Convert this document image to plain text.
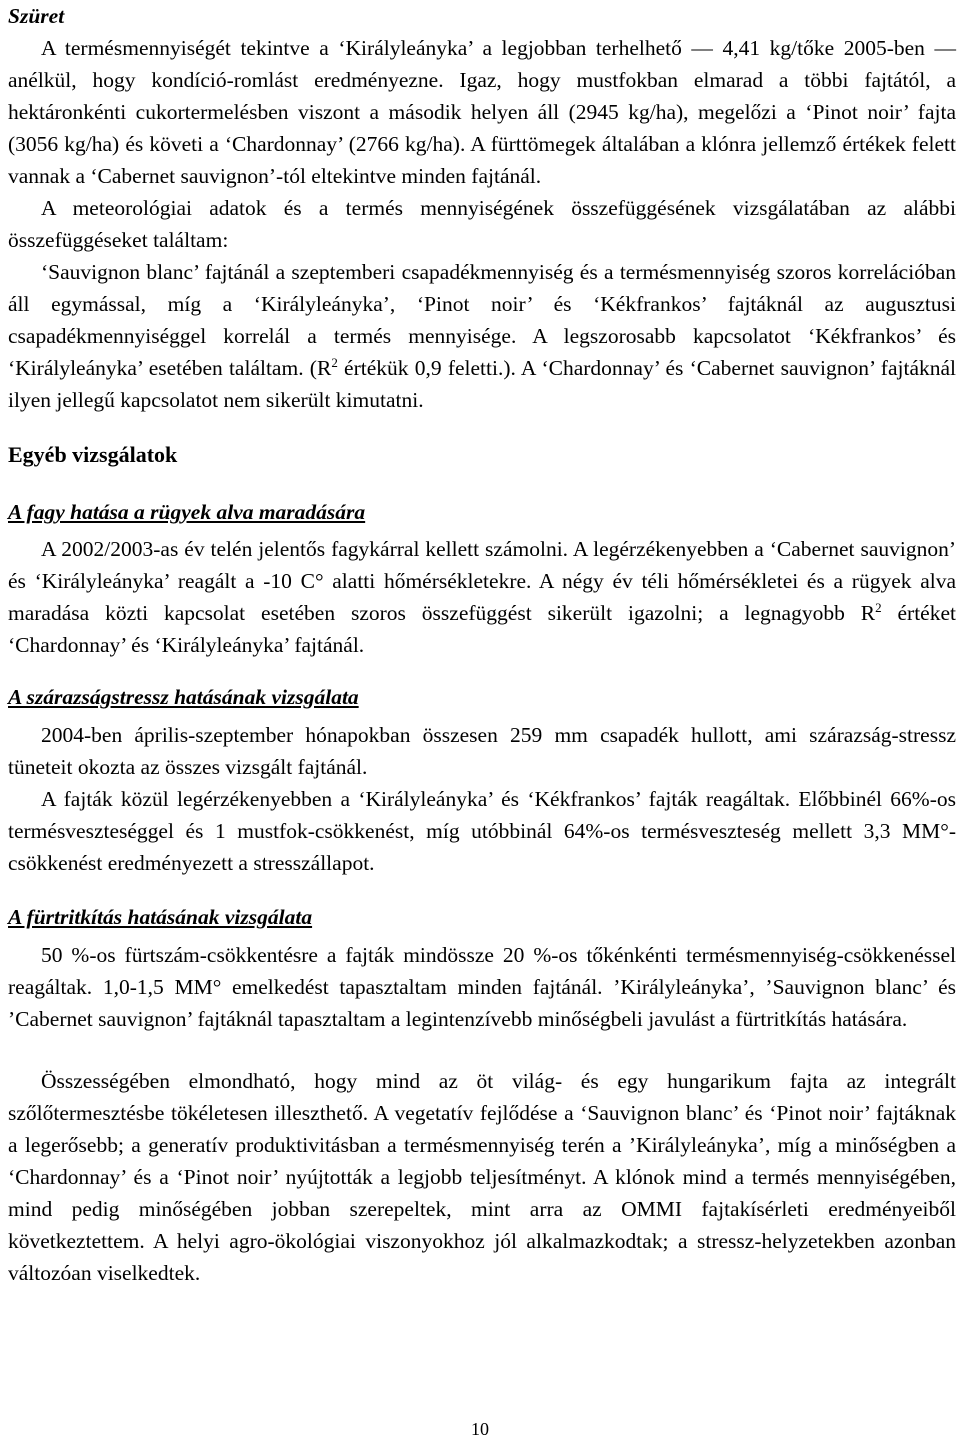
Szüret

A termésmennyiségét tekintve a ‘Királyleányka’ a legjobban terhelhető — 4,41 kg/tőke 2005-ben — anélkül, hogy kondíció-romlást eredményezne. Igaz, hogy mustfokban elmarad a többi fajtától, a hektáronkénti cukortermelésben viszont a második helyen áll (2945 kg/ha), megelőzi a ‘Pinot noir’ fajta (3056 kg/ha) és követi a ‘Chardonnay’ (2766 kg/ha). A fürttömegek általában a klónra jellemző értékek felett vannak a ‘Cabernet sauvignon’-tól eltekintve minden fajtánál.

A meteorológiai adatok és a termés mennyiségének összefüggésének vizsgálatában az alábbi összefüggéseket találtam:

‘Sauvignon blanc’ fajtánál a szeptemberi csapadékmennyiség és a termésmennyiség szoros korrelációban áll egymással, míg a ‘Királyleányka’, ‘Pinot noir’ és ‘Kékfrankos’ fajtáknál az augusztusi csapadékmennyiséggel korrelál a termés mennyisége. A legszorosabb kapcsolatot ‘Kékfrankos’ és ‘Királyleányka’ esetében találtam. ($R^2$ értékük 0,9 feletti.). A ‘Chardonnay’ és ‘Cabernet sauvignon’ fajtáknál ilyen jellegű kapcsolatot nem sikerült kimutatni.

Egyéb vizsgálatok
A fagy hatása a rügyek alva maradására

A 2002/2003-as év telén jelentős fagykárral kellett számolni. A legérzékenyebben a ‘Cabernet sauvignon’ és ‘Királyleányka’ reagált a -10 C° alatti hőmérsékletekre. A négy év téli hőmérsékletei és a rügyek alva maradása közti kapcsolat esetében szoros összefüggést sikerült igazolni; a legnagyobb $R^2$ értéket ‘Chardonnay’ és ‘Királyleányka’ fajtánál.

A szárazságstressz hatásának vizsgálata

2004-ben április-szeptember hónapokban összesen 259 mm csapadék hullott, ami szárazság-stressz tüneteit okozta az összes vizsgált fajtánál.

A fajták közül legérzékenyebben a ‘Királyleányka’ és ‘Kékfrankos’ fajták reagáltak. Előbbinél 66%-os termésveszteséggel és 1 mustfok-csökkenést, míg utóbbinál 64%-os termésveszteség mellett 3,3 MM°-csökkenést eredményezett a stresszállapot.

A fürtritkítás hatásának vizsgálata

50 %-os fürtszám-csökkentésre a fajták mindössze 20 %-os tőkénkénti termésmennyiség-csökkenéssel reagáltak. 1,0-1,5 MM° emelkedést tapasztaltam minden fajtánál. ’Királyleányka’, ’Sauvignon blanc’ és ’Cabernet sauvignon’ fajtáknál tapasztaltam a legintenzívebb minőségbeli javulást a fürtritkítás hatására.

Összességében elmondható, hogy mind az öt világ- és egy hungarikum fajta az integrált szőlőtermesztésbe tökéletesen illeszthető. A vegetatív fejlődése a ‘Sauvignon blanc’ és ‘Pinot noir’ fajtáknak a legerősebb; a generatív produktivitásban a termésmennyiség terén a ’Királyleányka’, míg a minőségben a ‘Chardonnay’ és a ‘Pinot noir’ nyújtották a legjobb teljesítményt. A klónok mind a termés mennyiségében, mind pedig minőségében jobban szerepeltek, mint arra az OMMI fajtakísérleti eredményeiből következtettem. A helyi agro-ökológiai viszonyokhoz jól alkalmazkodtak; a stressz-helyzetekben azonban változóan viselkedtek.

10
